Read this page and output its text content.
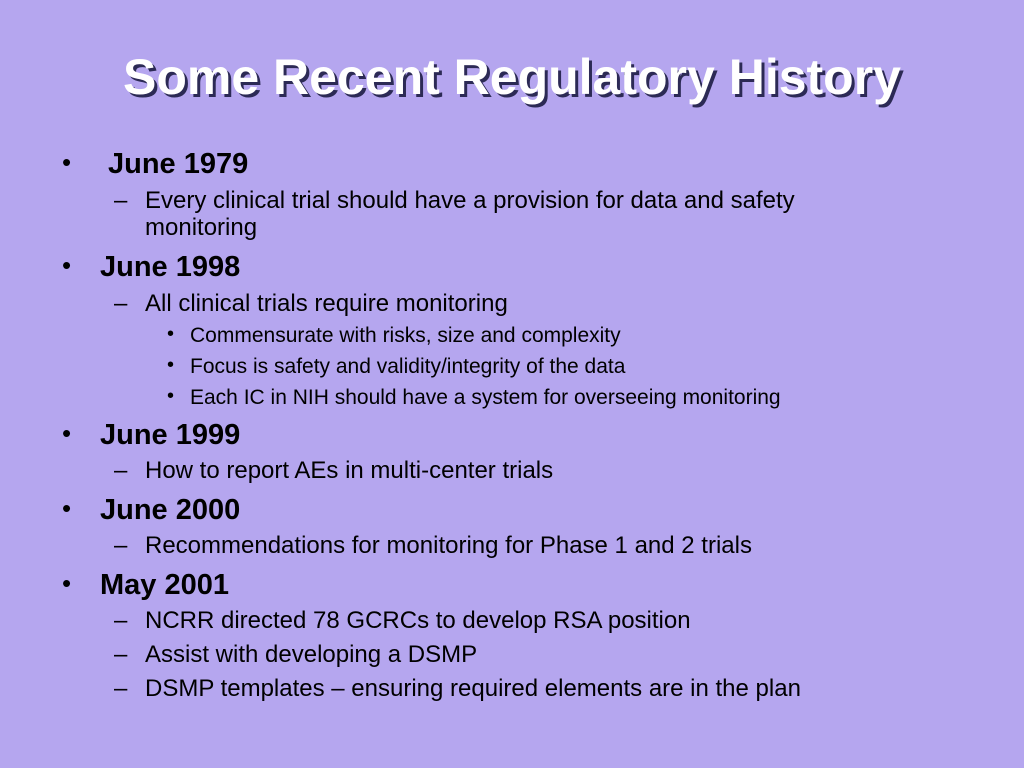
Some Recent Regulatory History
• June 1979
– Every clinical trial should have a provision for data and safety
monitoring
• June 1998
– All clinical trials require monitoring
• Commensurate with risks, size and complexity
• Focus is safety and validity/integrity of the data
• Each IC in NIH should have a system for overseeing monitoring
• June 1999
– How to report AEs in multi-center trials
• June 2000
– Recommendations for monitoring for Phase 1 and 2 trials
• May 2001
– NCRR directed 78 GCRCs to develop RSA position
– Assist with developing a DSMP
– DSMP templates – ensuring required elements are in the plan
